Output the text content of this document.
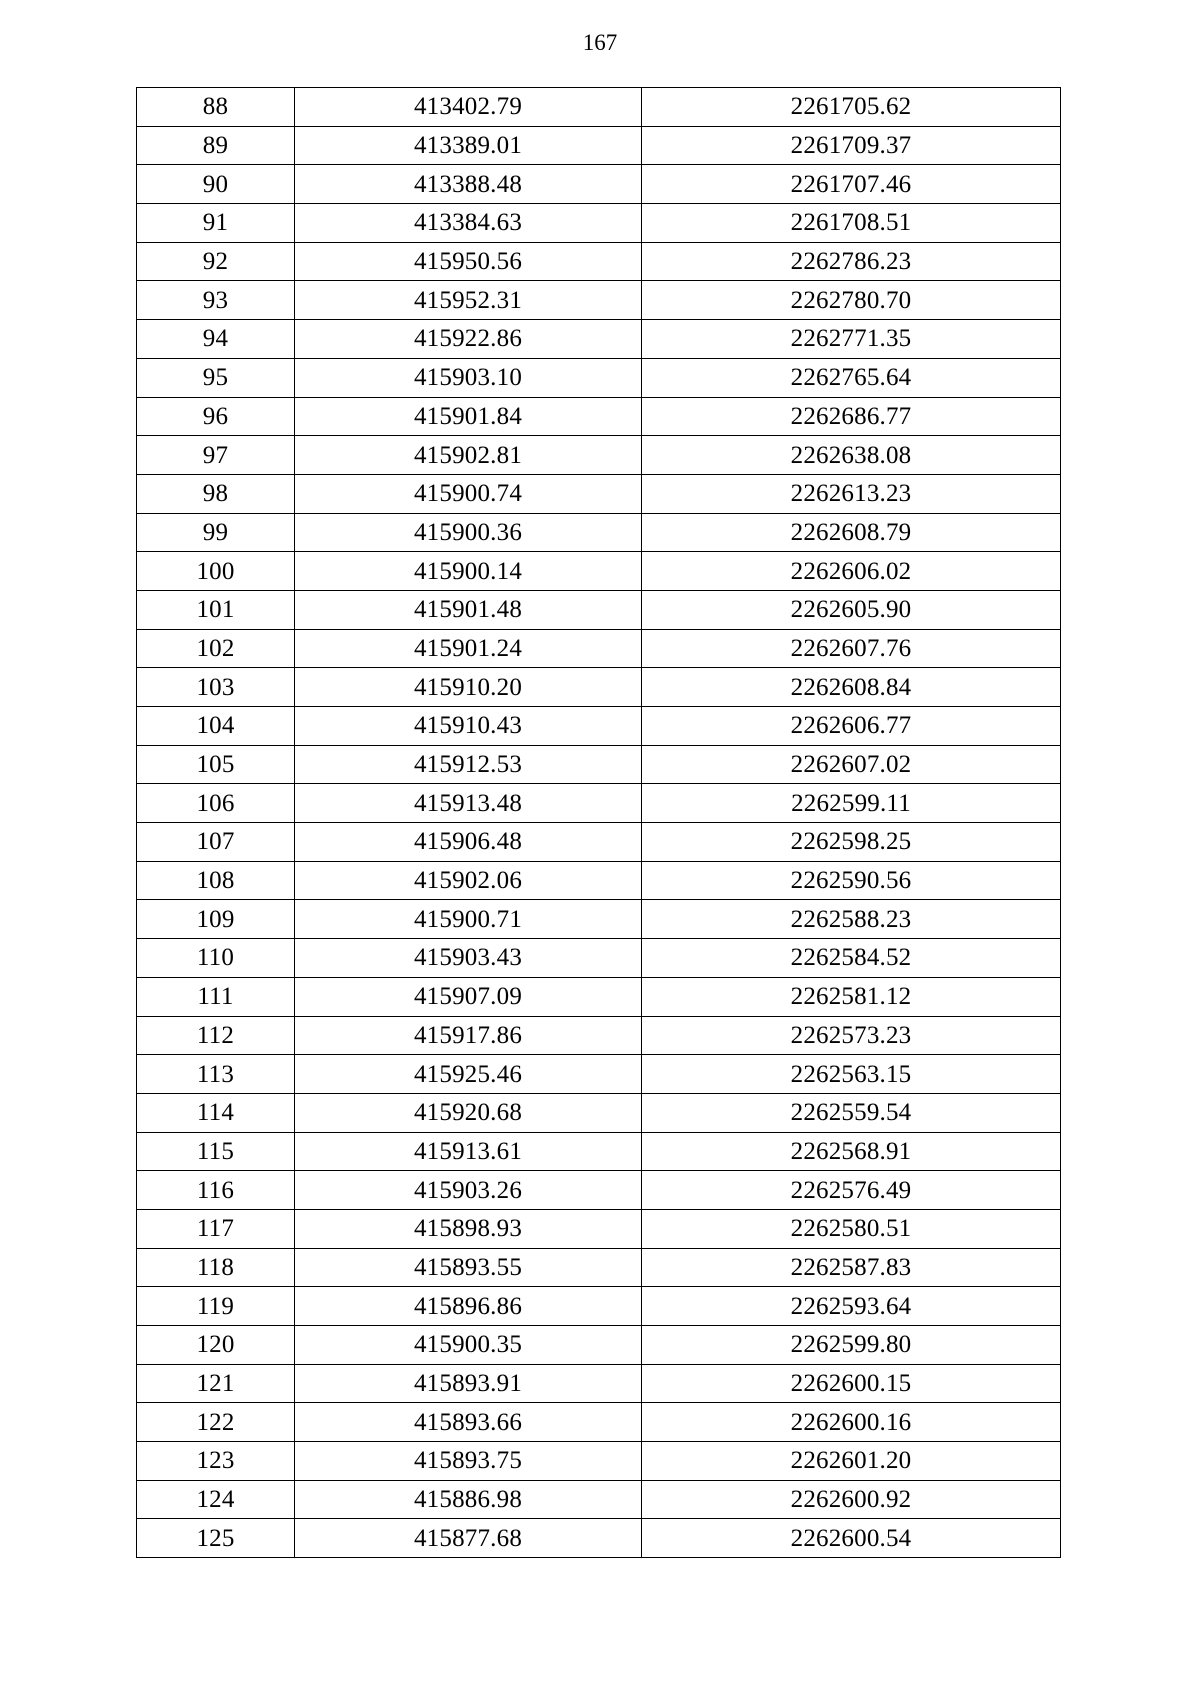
167
88	413402.79	2261705.62
89	413389.01	2261709.37
90	413388.48	2261707.46
91	413384.63	2261708.51
92	415950.56	2262786.23
93	415952.31	2262780.70
94	415922.86	2262771.35
95	415903.10	2262765.64
96	415901.84	2262686.77
97	415902.81	2262638.08
98	415900.74	2262613.23
99	415900.36	2262608.79
100	415900.14	2262606.02
101	415901.48	2262605.90
102	415901.24	2262607.76
103	415910.20	2262608.84
104	415910.43	2262606.77
105	415912.53	2262607.02
106	415913.48	2262599.11
107	415906.48	2262598.25
108	415902.06	2262590.56
109	415900.71	2262588.23
110	415903.43	2262584.52
111	415907.09	2262581.12
112	415917.86	2262573.23
113	415925.46	2262563.15
114	415920.68	2262559.54
115	415913.61	2262568.91
116	415903.26	2262576.49
117	415898.93	2262580.51
118	415893.55	2262587.83
119	415896.86	2262593.64
120	415900.35	2262599.80
121	415893.91	2262600.15
122	415893.66	2262600.16
123	415893.75	2262601.20
124	415886.98	2262600.92
125	415877.68	2262600.54
